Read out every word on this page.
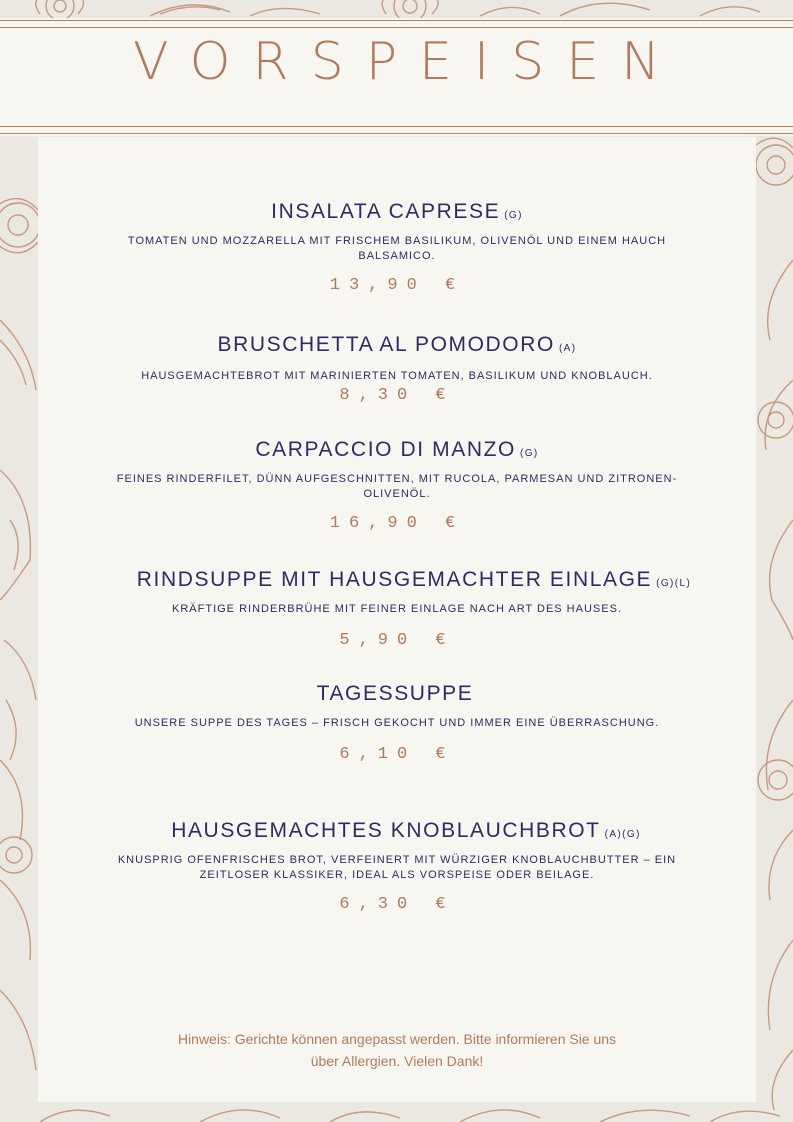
VORSPEISEN
INSALATA CAPRESE (G)
TOMATEN UND MOZZARELLA MIT FRISCHEM BASILIKUM, OLIVENÖL UND EINEM HAUCH BALSAMICO.
13,90 €
BRUSCHETTA AL POMODORO (A)
HAUSGEMACHTEBROT MIT MARINIERTEN TOMATEN, BASILIKUM UND KNOBLAUCH.
8,30 €
CARPACCIO DI MANZO (G)
FEINES RINDERFILET, DÜNN AUFGESCHNITTEN, MIT RUCOLA, PARMESAN UND ZITRONEN-OLIVENÖL.
16,90 €
RINDSUPPE MIT HAUSGEMACHTER EINLAGE (G)(L)
KRÄFTIGE RINDERBRÜHE MIT FEINER EINLAGE NACH ART DES HAUSES.
5,90 €
TAGESSUPPE
UNSERE SUPPE DES TAGES – FRISCH GEKOCHT UND IMMER EINE ÜBERRASCHUNG.
6,10 €
HAUSGEMACHTES KNOBLAUCHBROT (A)(G)
KNUSPRIG OFENFRISCHES BROT, VERFEINERT MIT WÜRZIGER KNOBLAUCHBUTTER – EIN ZEITLOSER KLASSIKER, IDEAL ALS VORSPEISE ODER BEILAGE.
6,30 €
Hinweis: Gerichte können angepasst werden. Bitte informieren Sie uns über Allergien. Vielen Dank!
